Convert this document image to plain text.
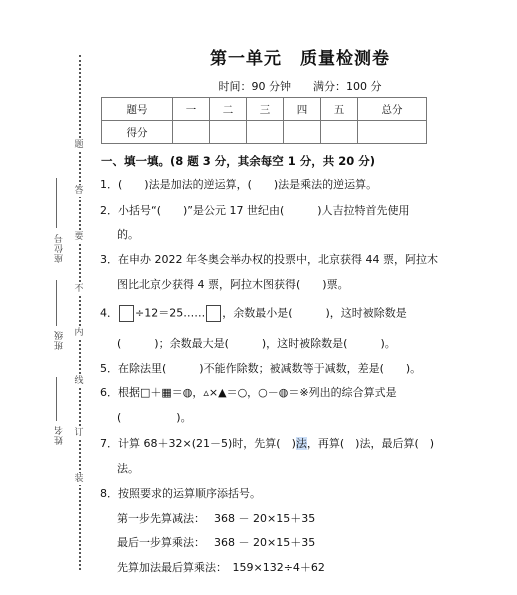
题
答
要
不
内
线
订
装
座位号
班级
姓名
第一单元　质量检测卷
时间：90 分钟　　满分：100 分
题号	一	二	三	四	五	总分
得分						
一、填一填。(8 题 3 分，其余每空 1 分，共 20 分)
1．(　　)法是加法的逆运算，(　　)法是乘法的逆运算。
2．小括号“(　　)”是公元 17 世纪由(　　　)人吉拉特首先使用
的。
3．在申办 2022 年冬奥会举办权的投票中，北京获得 44 票，阿拉木
图比北京少获得 4 票，阿拉木图获得(　　)票。
4． ÷12＝25…… ，余数最小是(　　　)，这时被除数是
(　　　)；余数最大是(　　　)，这时被除数是(　　　)。
5．在除法里(　　　)不能作除数；被减数等于减数，差是(　　)。
6．根据□＋▦＝◍，▵×▲＝○，○－◍＝※列出的综合算式是
(　　　　　)。
7．计算 68＋32×(21－5)时，先算(　)法，再算(　)法，最后算(　)
法。
8．按照要求的运算顺序添括号。
第一步先算减法：　 368 － 20×15＋35
最后一步算乘法：　 368 － 20×15＋35
先算加法最后算乘法：　159×132÷4＋62
